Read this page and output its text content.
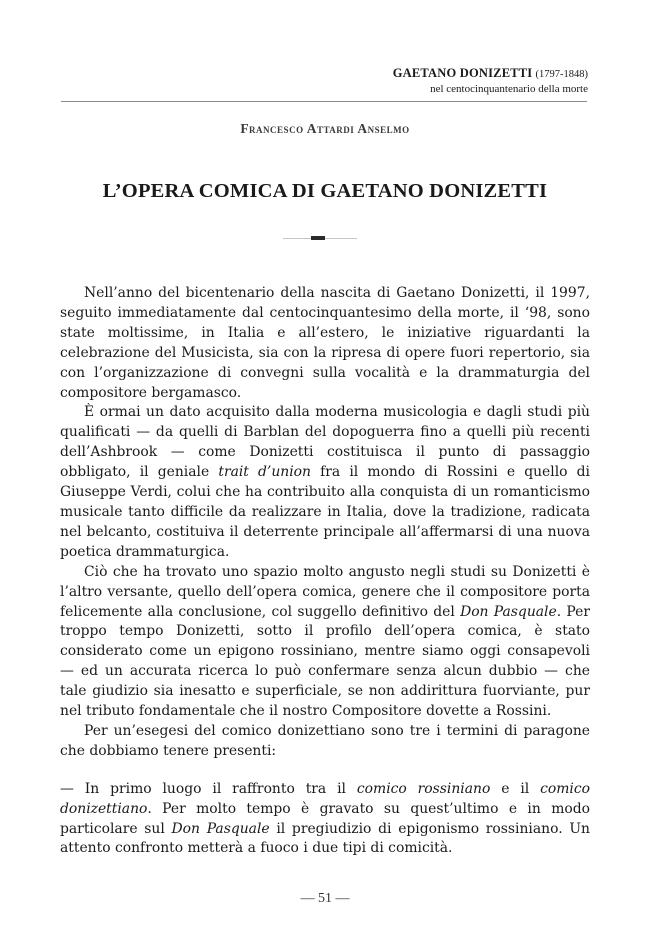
GAETANO DONIZETTI (1797-1848)
nel centocinquantenario della morte
Francesco Attardi Anselmo
L’OPERA COMICA DI GAETANO DONIZETTI

Nell’anno del bicentenario della nascita di Gaetano Donizetti, il 1997, seguito immediatamente dal centocinquantesimo della morte, il ‘98, sono state moltissime, in Italia e all’estero, le iniziative riguardanti la celebrazione del Musicista, sia con la ripresa di opere fuori repertorio, sia con l’organizzazione di convegni sulla vocalità e la drammaturgia del compositore bergamasco.

È ormai un dato acquisito dalla moderna musicologia e dagli studi più qualificati — da quelli di Barblan del dopoguerra fino a quelli più recenti dell’Ashbrook — come Donizetti costituisca il punto di passaggio obbligato, il geniale trait d’union fra il mondo di Rossini e quello di Giuseppe Verdi, colui che ha contribuito alla conquista di un romanticismo musicale tanto difficile da realizzare in Italia, dove la tradizione, radicata nel belcanto, costituiva il deterrente principale all’affermarsi di una nuova poetica drammaturgica.

Ciò che ha trovato uno spazio molto angusto negli studi su Donizetti è l’altro versante, quello dell’opera comica, genere che il compositore porta felicemente alla conclusione, col suggello definitivo del Don Pasquale. Per troppo tempo Donizetti, sotto il profilo dell’opera comica, è stato considerato come un epigono rossiniano, mentre siamo oggi consapevoli — ed un accurata ricerca lo può confermare senza alcun dubbio — che tale giudizio sia inesatto e superficiale, se non addirittura fuorviante, pur nel tributo fondamentale che il nostro Compositore dovette a Rossini.

Per un’esegesi del comico donizettiano sono tre i termini di paragone che dobbiamo tenere presenti:

— In primo luogo il raffronto tra il comico rossiniano e il comico donizettiano. Per molto tempo è gravato su quest’ultimo e in modo particolare sul Don Pasquale il pregiudizio di epigonismo rossiniano. Un attento confronto metterà a fuoco i due tipi di comicità.

— 51 —
